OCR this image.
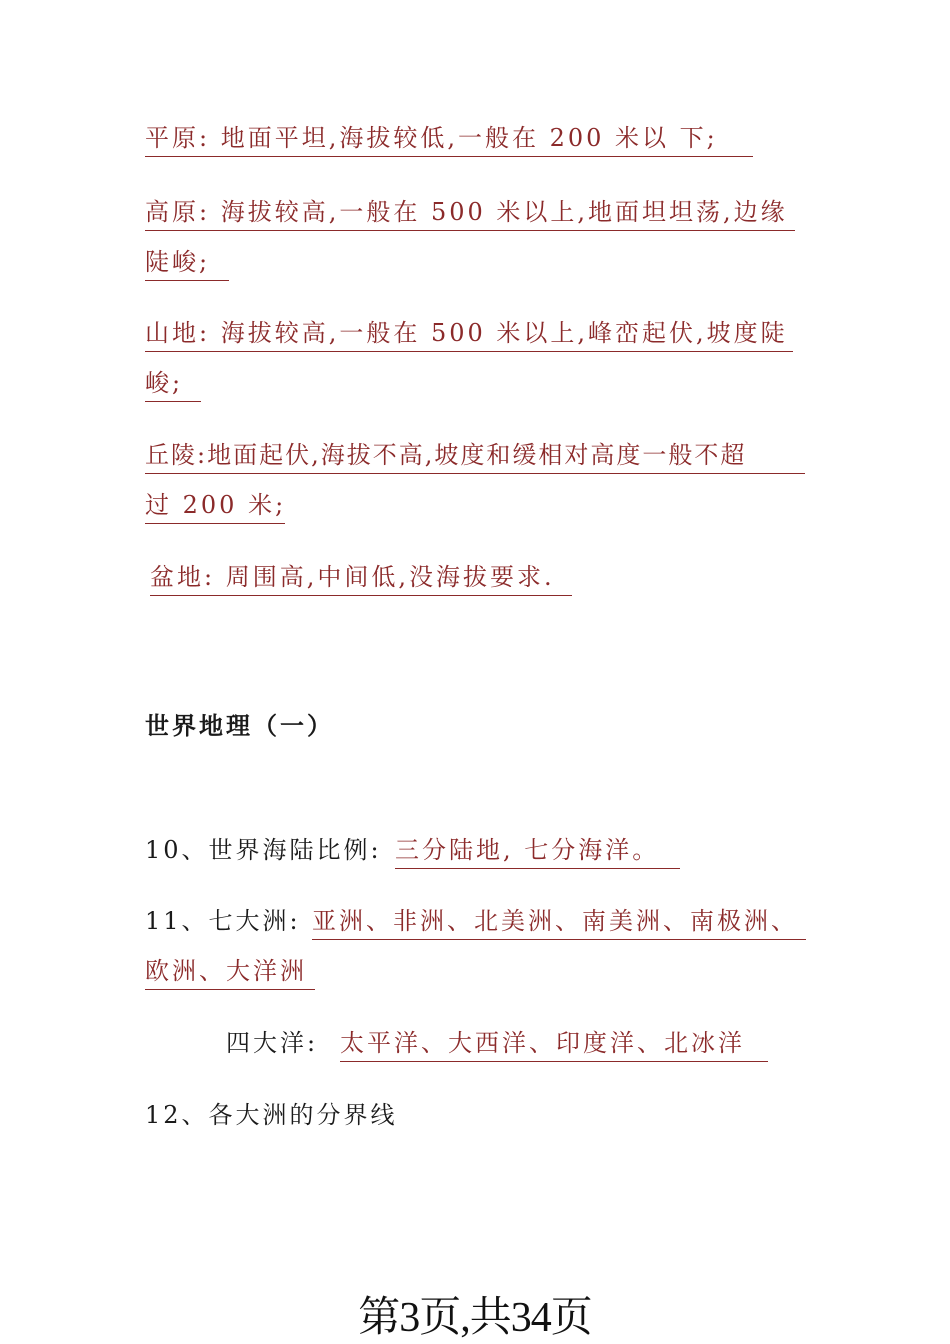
平原: 地面平坦,海拔较低,一般在 200 米以 下;
高原: 海拔较高,一般在 500 米以上,地面坦坦荡,边缘
陡峻;
山地: 海拔较高,一般在 500 米以上,峰峦起伏,坡度陡
峻;
丘陵:地面起伏,海拔不高,坡度和缓相对高度一般不超
过 200 米;
盆地: 周围高,中间低,没海拔要求.
世界地理（一）
10、世界海陆比例: 三分陆地, 七分海洋。
11、七大洲: 亚洲、非洲、北美洲、南美洲、南极洲、
欧洲、大洋洲
四大洋: 太平洋、大西洋、印度洋、北冰洋
12、各大洲的分界线
第3页,共34页
